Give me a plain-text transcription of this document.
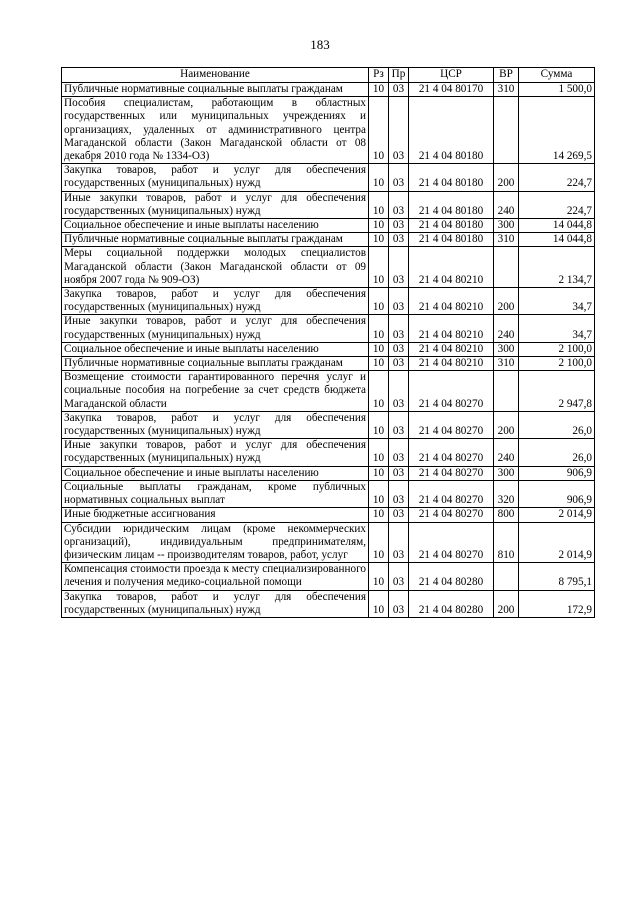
183
Наименование	Рз	Пр	ЦСР	ВР	Сумма
Публичные нормативные социальные выплаты гражданам	10	03	21 4 04 80170	310	1 500,0
Пособия специалистам, работающим в областных государственных или муниципальных учреждениях и организациях, удаленных от административного центра Магаданской области (Закон Магаданской области от 08 декабря 2010 года № 1334-ОЗ)	10	03	21 4 04 80180		14 269,5
Закупка товаров, работ и услуг для обеспечения государственных (муниципальных) нужд	10	03	21 4 04 80180	200	224,7
Иные закупки товаров, работ и услуг для обеспечения государственных (муниципальных) нужд	10	03	21 4 04 80180	240	224,7
Социальное обеспечение и иные выплаты населению	10	03	21 4 04 80180	300	14 044,8
Публичные нормативные социальные выплаты гражданам	10	03	21 4 04 80180	310	14 044,8
Меры социальной поддержки молодых специалистов Магаданской области (Закон Магаданской области от 09 ноября 2007 года № 909-ОЗ)	10	03	21 4 04 80210		2 134,7
Закупка товаров, работ и услуг для обеспечения государственных (муниципальных) нужд	10	03	21 4 04 80210	200	34,7
Иные закупки товаров, работ и услуг для обеспечения государственных (муниципальных) нужд	10	03	21 4 04 80210	240	34,7
Социальное обеспечение и иные выплаты населению	10	03	21 4 04 80210	300	2 100,0
Публичные нормативные социальные выплаты гражданам	10	03	21 4 04 80210	310	2 100,0
Возмещение стоимости гарантированного перечня услуг и социальные пособия на погребение за счет средств бюджета Магаданской области	10	03	21 4 04 80270		2 947,8
Закупка товаров, работ и услуг для обеспечения государственных (муниципальных) нужд	10	03	21 4 04 80270	200	26,0
Иные закупки товаров, работ и услуг для обеспечения государственных (муниципальных) нужд	10	03	21 4 04 80270	240	26,0
Социальное обеспечение и иные выплаты населению	10	03	21 4 04 80270	300	906,9
Социальные выплаты гражданам, кроме публичных нормативных социальных выплат	10	03	21 4 04 80270	320	906,9
Иные бюджетные ассигнования	10	03	21 4 04 80270	800	2 014,9
Субсидии юридическим лицам (кроме некоммерческих организаций), индивидуальным предпринимателям, физическим лицам -- производителям товаров, работ, услуг	10	03	21 4 04 80270	810	2 014,9
Компенсация стоимости проезда к месту специализированного лечения и получения медико-социальной помощи	10	03	21 4 04 80280		8 795,1
Закупка товаров, работ и услуг для обеспечения государственных (муниципальных) нужд	10	03	21 4 04 80280	200	172,9
